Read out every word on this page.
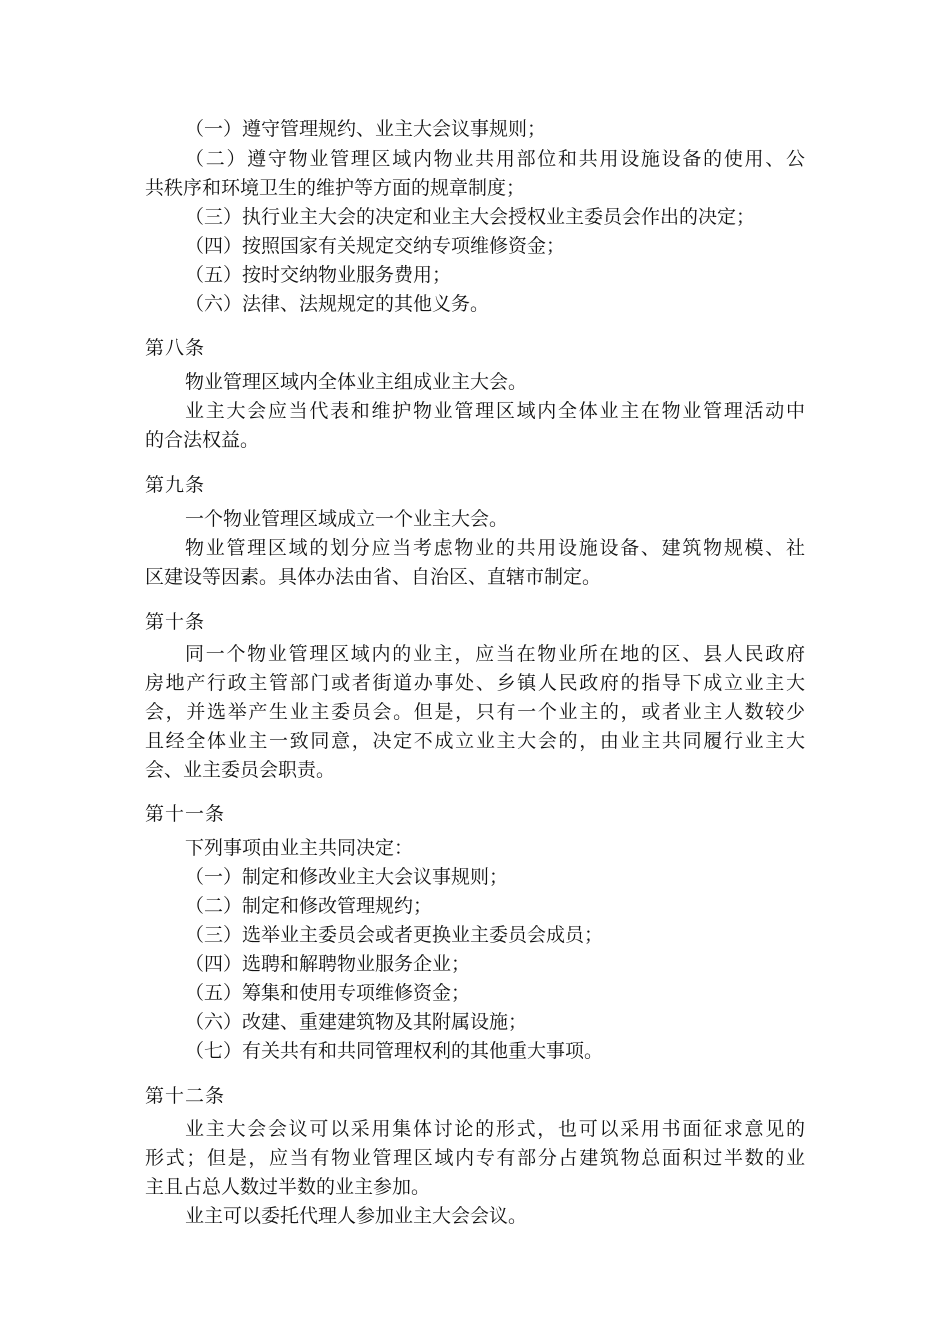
（一）遵守管理规约、业主大会议事规则；
（二）遵守物业管理区域内物业共用部位和共用设施设备的使用、公
共秩序和环境卫生的维护等方面的规章制度；
（三）执行业主大会的决定和业主大会授权业主委员会作出的决定；
（四）按照国家有关规定交纳专项维修资金；
（五）按时交纳物业服务费用；
（六）法律、法规规定的其他义务。
第八条
物业管理区域内全体业主组成业主大会。
业主大会应当代表和维护物业管理区域内全体业主在物业管理活动中
的合法权益。
第九条
一个物业管理区域成立一个业主大会。
物业管理区域的划分应当考虑物业的共用设施设备、建筑物规模、社
区建设等因素。具体办法由省、自治区、直辖市制定。
第十条
同一个物业管理区域内的业主，应当在物业所在地的区、县人民政府
房地产行政主管部门或者街道办事处、乡镇人民政府的指导下成立业主大
会，并选举产生业主委员会。但是，只有一个业主的，或者业主人数较少
且经全体业主一致同意，决定不成立业主大会的，由业主共同履行业主大
会、业主委员会职责。
第十一条
下列事项由业主共同决定：
（一）制定和修改业主大会议事规则；
（二）制定和修改管理规约；
（三）选举业主委员会或者更换业主委员会成员；
（四）选聘和解聘物业服务企业；
（五）筹集和使用专项维修资金；
（六）改建、重建建筑物及其附属设施；
（七）有关共有和共同管理权利的其他重大事项。
第十二条
业主大会会议可以采用集体讨论的形式，也可以采用书面征求意见的
形式；但是，应当有物业管理区域内专有部分占建筑物总面积过半数的业
主且占总人数过半数的业主参加。
业主可以委托代理人参加业主大会会议。
